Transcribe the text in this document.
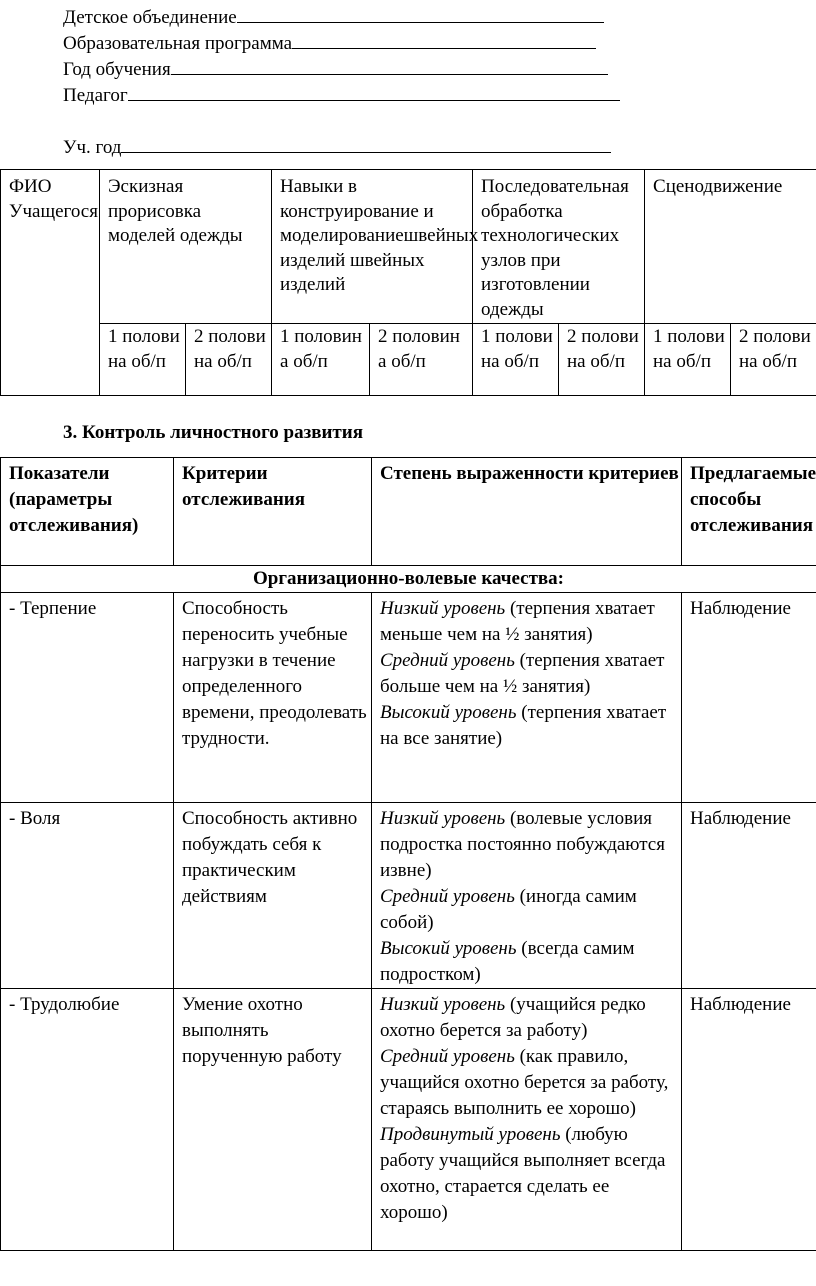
Детское объединение
Образовательная программа
Год обучения
Педагог
Уч. год
ФИО Учащегося	Эскизная прорисовка моделей одежды		Навыки в конструирование и моделированиешвейных изделий швейных изделий		Последовательная обработка технологических узлов при изготовлении одежды		Сценодвижение	
	1 полови на об/п	2 полови на об/п	1 половин а об/п	2 половин а об/п	1 полови на об/п	2 полови на об/п	1 полови на об/п	2 полови на об/п
3. Контроль личностного развития
Показатели (параметры отслеживания)	Критерии отслеживания	Степень выраженности критериев	Предлагаемые способы отслеживания
Организационно-волевые качества:			
- Терпение	Способность переносить учебные нагрузки в течение определенного времени, преодолевать трудности.	Низкий уровень (терпения хватает меньше чем на ½ занятия)
Средний уровень (терпения хватает больше чем на ½ занятия)
Высокий уровень (терпения хватает на все занятие)	Наблюдение
- Воля	Способность активно побуждать себя к практическим действиям	Низкий уровень (волевые условия подростка постоянно побуждаются извне)
Средний уровень (иногда самим собой)
Высокий уровень (всегда самим подростком)	Наблюдение
- Трудолюбие	Умение охотно выполнять порученную работу	Низкий уровень (учащийся редко охотно берется за работу)
Средний уровень (как правило, учащийся охотно берется за работу, стараясь выполнить ее хорошо)
Продвинутый уровень (любую работу учащийся выполняет всегда охотно, старается сделать ее хорошо)	Наблюдение
